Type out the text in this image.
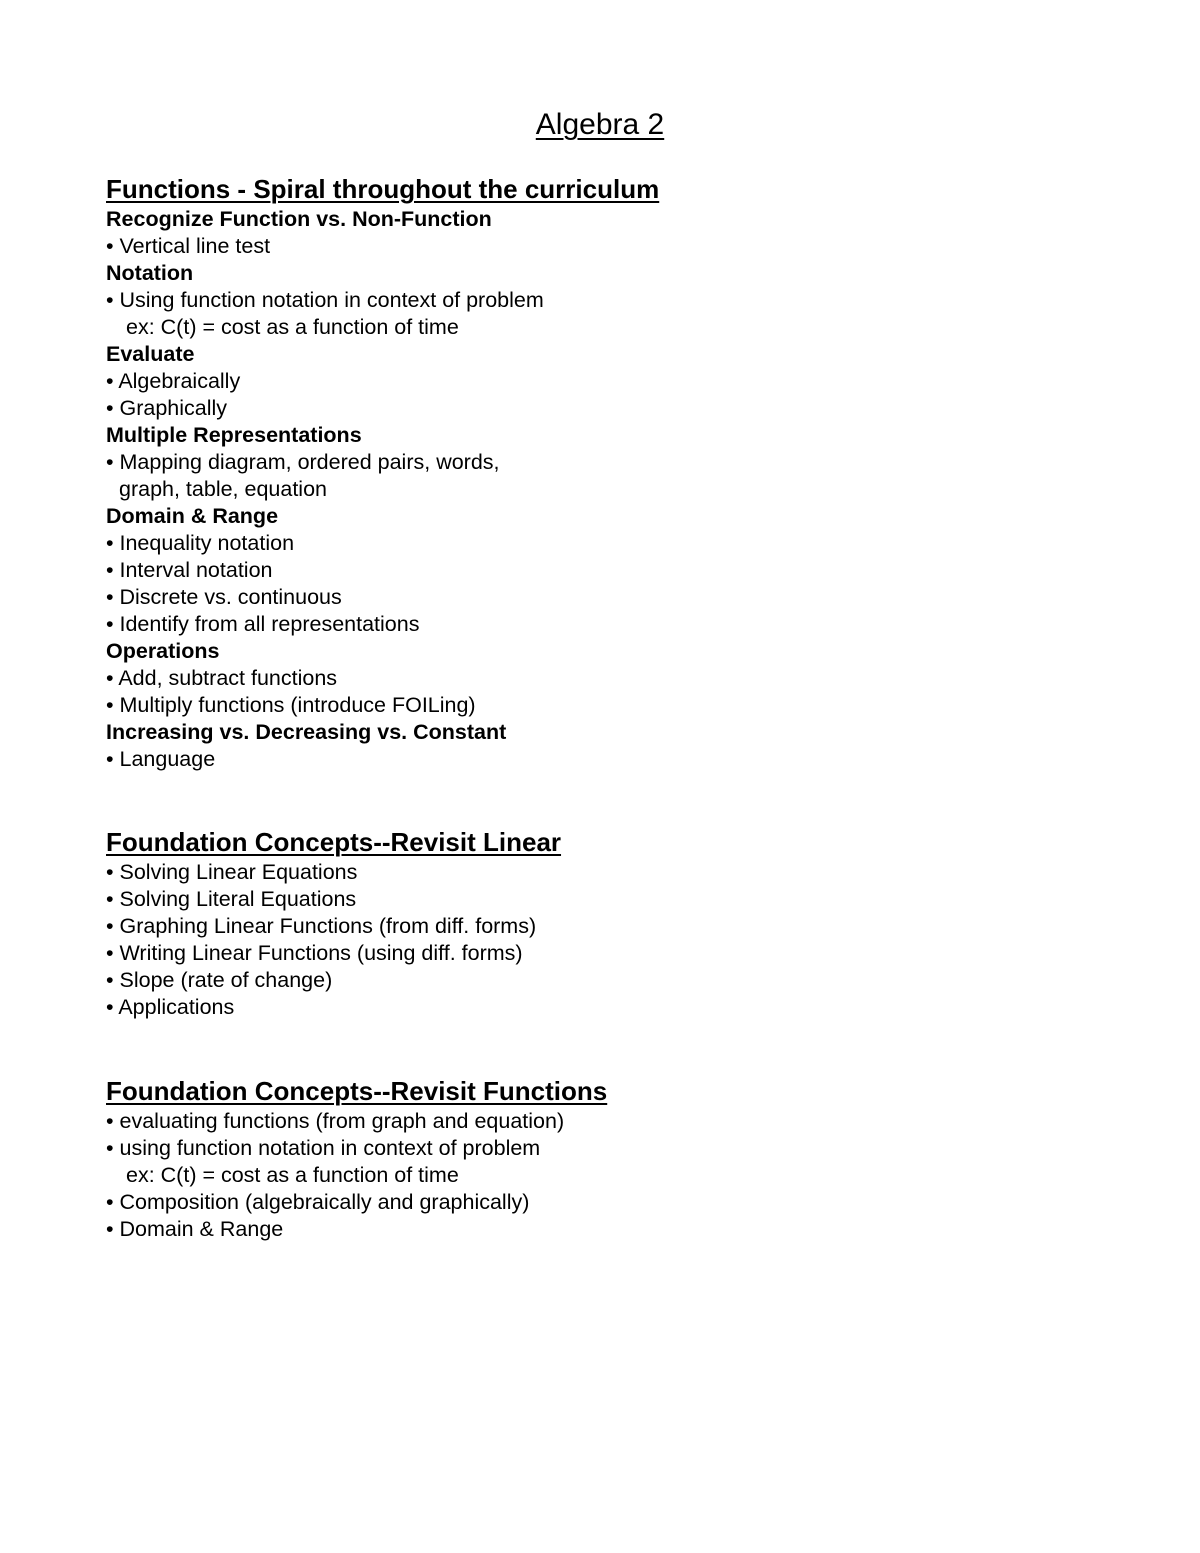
Algebra 2
Functions - Spiral throughout the curriculum
Recognize Function vs. Non-Function
• Vertical line test
Notation
• Using function notation in context of problem
ex: C(t) = cost as a function of time
Evaluate
• Algebraically
• Graphically
Multiple Representations
• Mapping diagram, ordered pairs, words,
graph, table, equation
Domain & Range
• Inequality notation
• Interval notation
• Discrete vs. continuous
• Identify from all representations
Operations
• Add, subtract functions
• Multiply functions (introduce FOILing)
Increasing vs. Decreasing vs. Constant
• Language
Foundation Concepts--Revisit Linear
• Solving Linear Equations
• Solving Literal Equations
• Graphing Linear Functions (from diff. forms)
• Writing Linear Functions (using diff. forms)
• Slope (rate of change)
• Applications
Foundation Concepts--Revisit Functions
• evaluating functions (from graph and equation)
• using function notation in context of problem
ex: C(t) = cost as a function of time
• Composition (algebraically and graphically)
• Domain & Range
